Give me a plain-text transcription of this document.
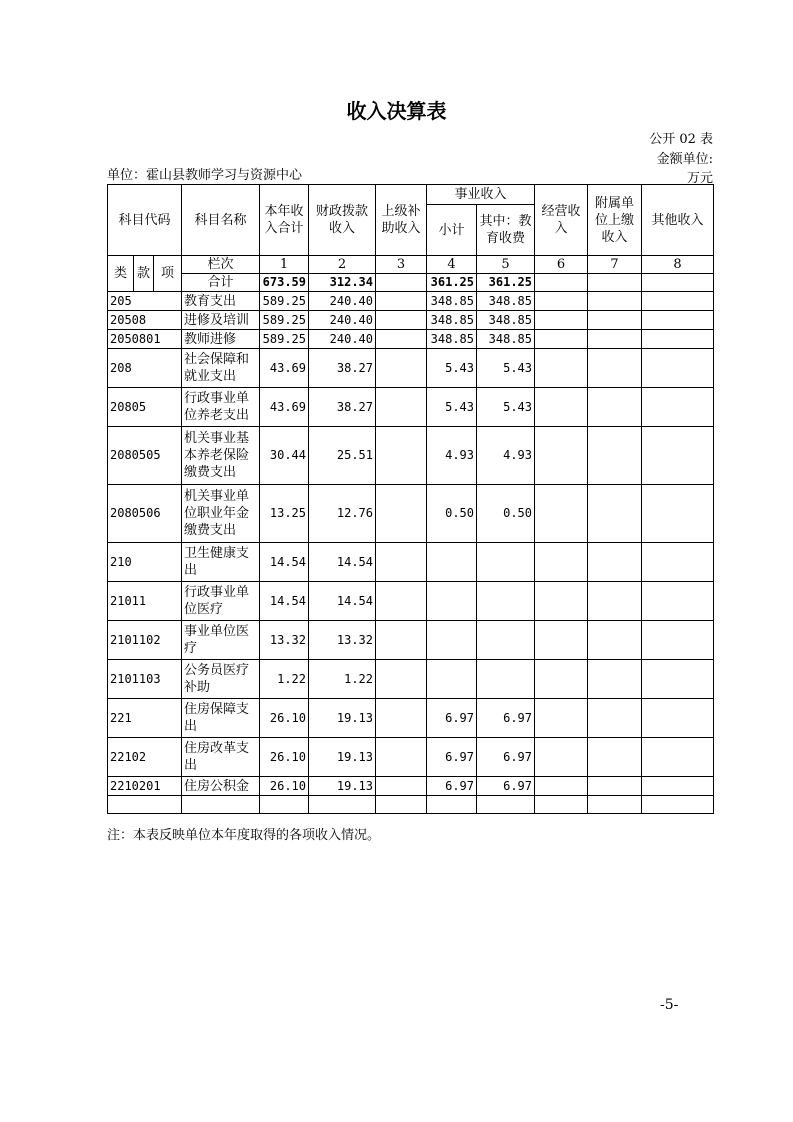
收入决算表
公开 02 表
金额单位:
万元
单位：霍山县教师学习与资源中心
科目代码			科目名称	本年收入合计	财政拨款收入	上级补助收入	事业收入		经营收入	附属单位上缴收入	其他收入
							小计	其中：教育收费			
类	款	项	栏次	1	2	3	4	5	6	7	8
			合计	673.59	312.34		361.25	361.25			
205			教育支出	589.25	240.40		348.85	348.85			
20508			进修及培训	589.25	240.40		348.85	348.85			
2050801			教师进修	589.25	240.40		348.85	348.85			
208			社会保障和就业支出	43.69	38.27		5.43	5.43			
20805			行政事业单位养老支出	43.69	38.27		5.43	5.43			
2080505			机关事业基本养老保险缴费支出	30.44	25.51		4.93	4.93			
2080506			机关事业单位职业年金缴费支出	13.25	12.76		0.50	0.50			
210			卫生健康支出	14.54	14.54						
21011			行政事业单位医疗	14.54	14.54						
2101102			事业单位医疗	13.32	13.32						
2101103			公务员医疗补助	1.22	1.22						
221			住房保障支出	26.10	19.13		6.97	6.97			
22102			住房改革支出	26.10	19.13		6.97	6.97			
2210201			住房公积金	26.10	19.13		6.97	6.97			

注：本表反映单位本年度取得的各项收入情况。
-5-
